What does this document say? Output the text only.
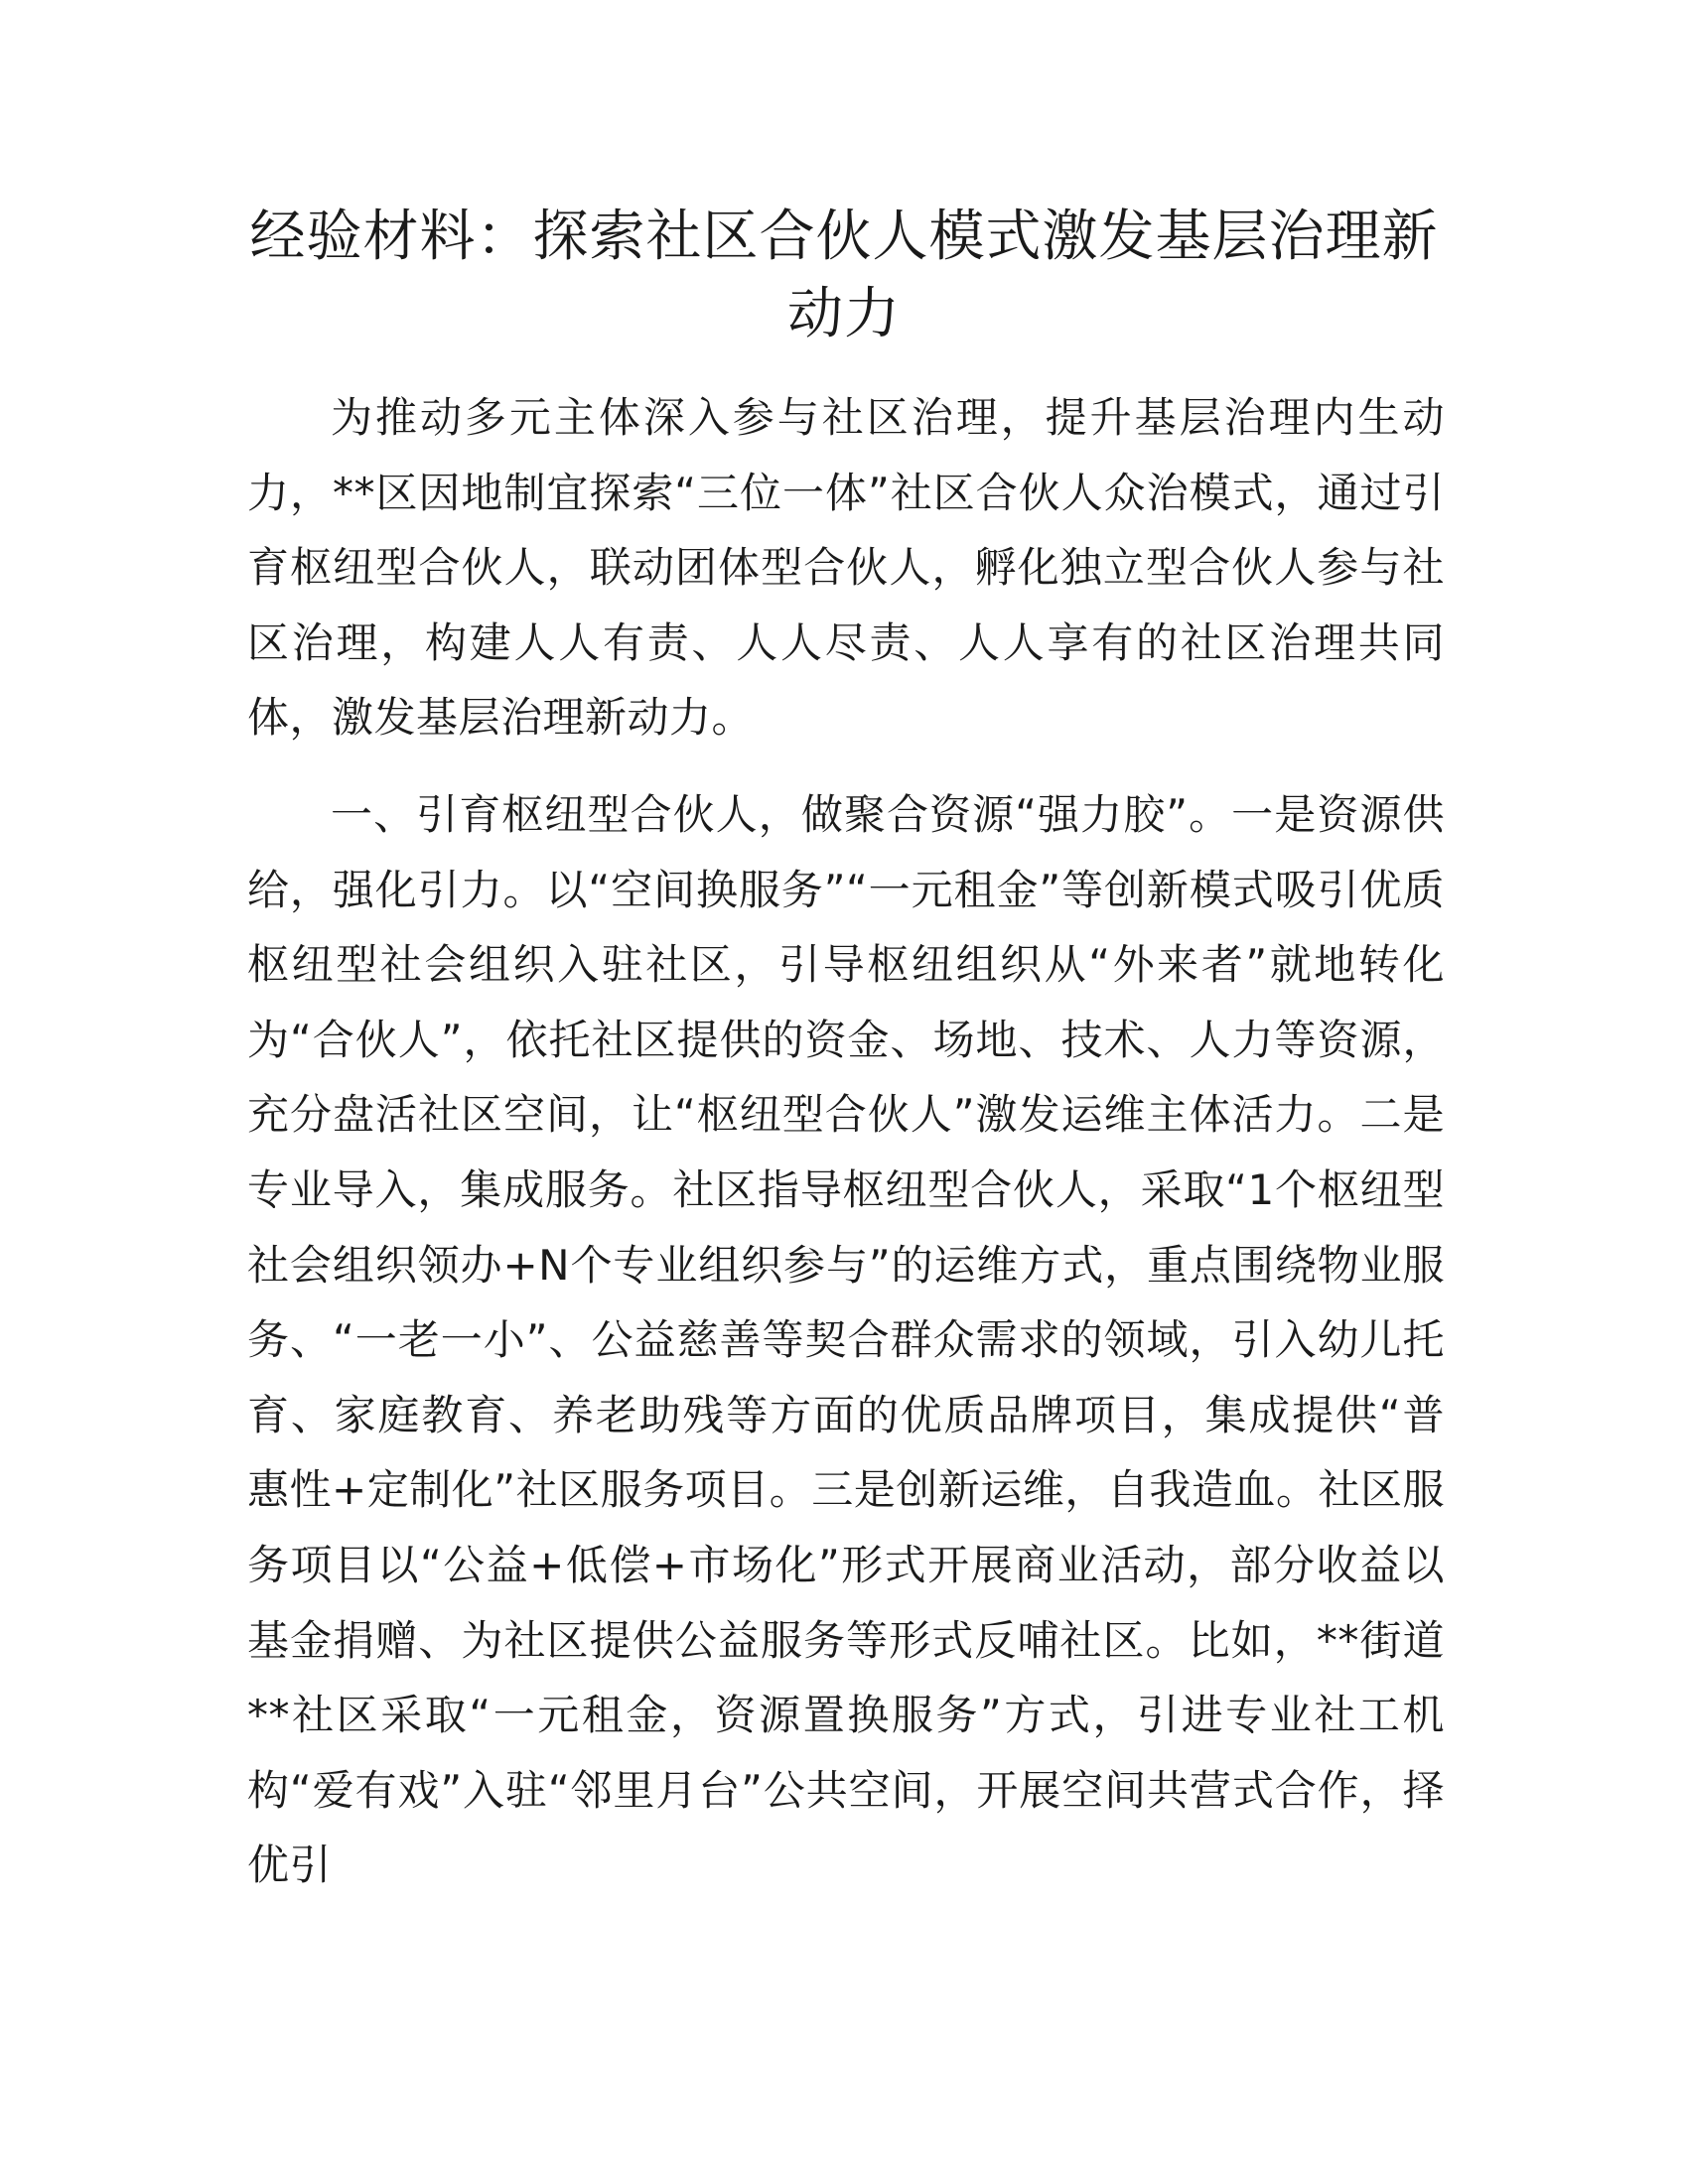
经验材料：探索社区合伙人模式激发基层治理新动力

为推动多元主体深入参与社区治理，提升基层治理内生动力，**区因地制宜探索“三位一体”社区合伙人众治模式，通过引育枢纽型合伙人，联动团体型合伙人，孵化独立型合伙人参与社区治理，构建人人有责、人人尽责、人人享有的社区治理共同体，激发基层治理新动力。

一、引育枢纽型合伙人，做聚合资源“强力胶”。一是资源供给，强化引力。以“空间换服务”“一元租金”等创新模式吸引优质枢纽型社会组织入驻社区，引导枢纽组织从“外来者”就地转化为“合伙人”，依托社区提供的资金、场地、技术、人力等资源，充分盘活社区空间，让“枢纽型合伙人”激发运维主体活力。二是专业导入，集成服务。社区指导枢纽型合伙人，采取“1个枢纽型社会组织领办+N个专业组织参与”的运维方式，重点围绕物业服务、“一老一小”、公益慈善等契合群众需求的领域，引入幼儿托育、家庭教育、养老助残等方面的优质品牌项目，集成提供“普惠性+定制化”社区服务项目。三是创新运维，自我造血。社区服务项目以“公益+低偿+市场化”形式开展商业活动，部分收益以基金捐赠、为社区提供公益服务等形式反哺社区。比如，**街道**社区采取“一元租金，资源置换服务”方式，引进专业社工机构“爱有戏”入驻“邻里月台”公共空间，开展空间共营式合作，择优引
